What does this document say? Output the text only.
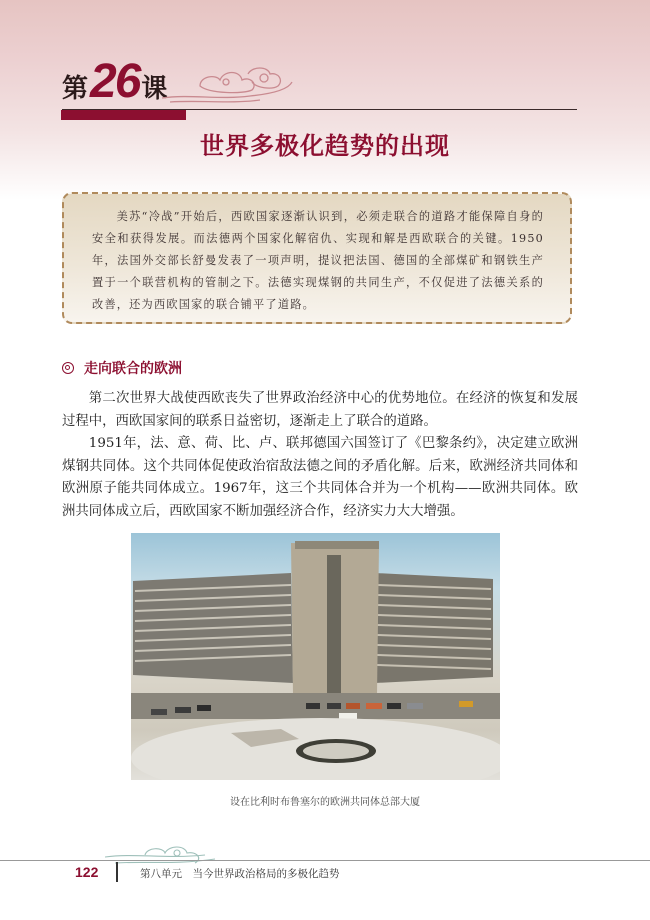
第 26 课
世界多极化趋势的出现

美苏“冷战”开始后，西欧国家逐渐认识到，必须走联合的道路才能保障自身的安全和获得发展。而法德两个国家化解宿仇、实现和解是西欧联合的关键。1950年，法国外交部长舒曼发表了一项声明，提议把法国、德国的全部煤矿和钢铁生产置于一个联营机构的管制之下。法德实现煤钢的共同生产，不仅促进了法德关系的改善，还为西欧国家的联合铺平了道路。

走向联合的欧洲

第二次世界大战使西欧丧失了世界政治经济中心的优势地位。在经济的恢复和发展过程中，西欧国家间的联系日益密切，逐渐走上了联合的道路。

1951年，法、意、荷、比、卢、联邦德国六国签订了《巴黎条约》，决定建立欧洲煤钢共同体。这个共同体促使政治宿敌法德之间的矛盾化解。后来，欧洲经济共同体和欧洲原子能共同体成立。1967年，这三个共同体合并为一个机构——欧洲共同体。欧洲共同体成立后，西欧国家不断加强经济合作，经济实力大大增强。

设在比利时布鲁塞尔的欧洲共同体总部大厦
122	第八单元　当今世界政治格局的多极化趋势
